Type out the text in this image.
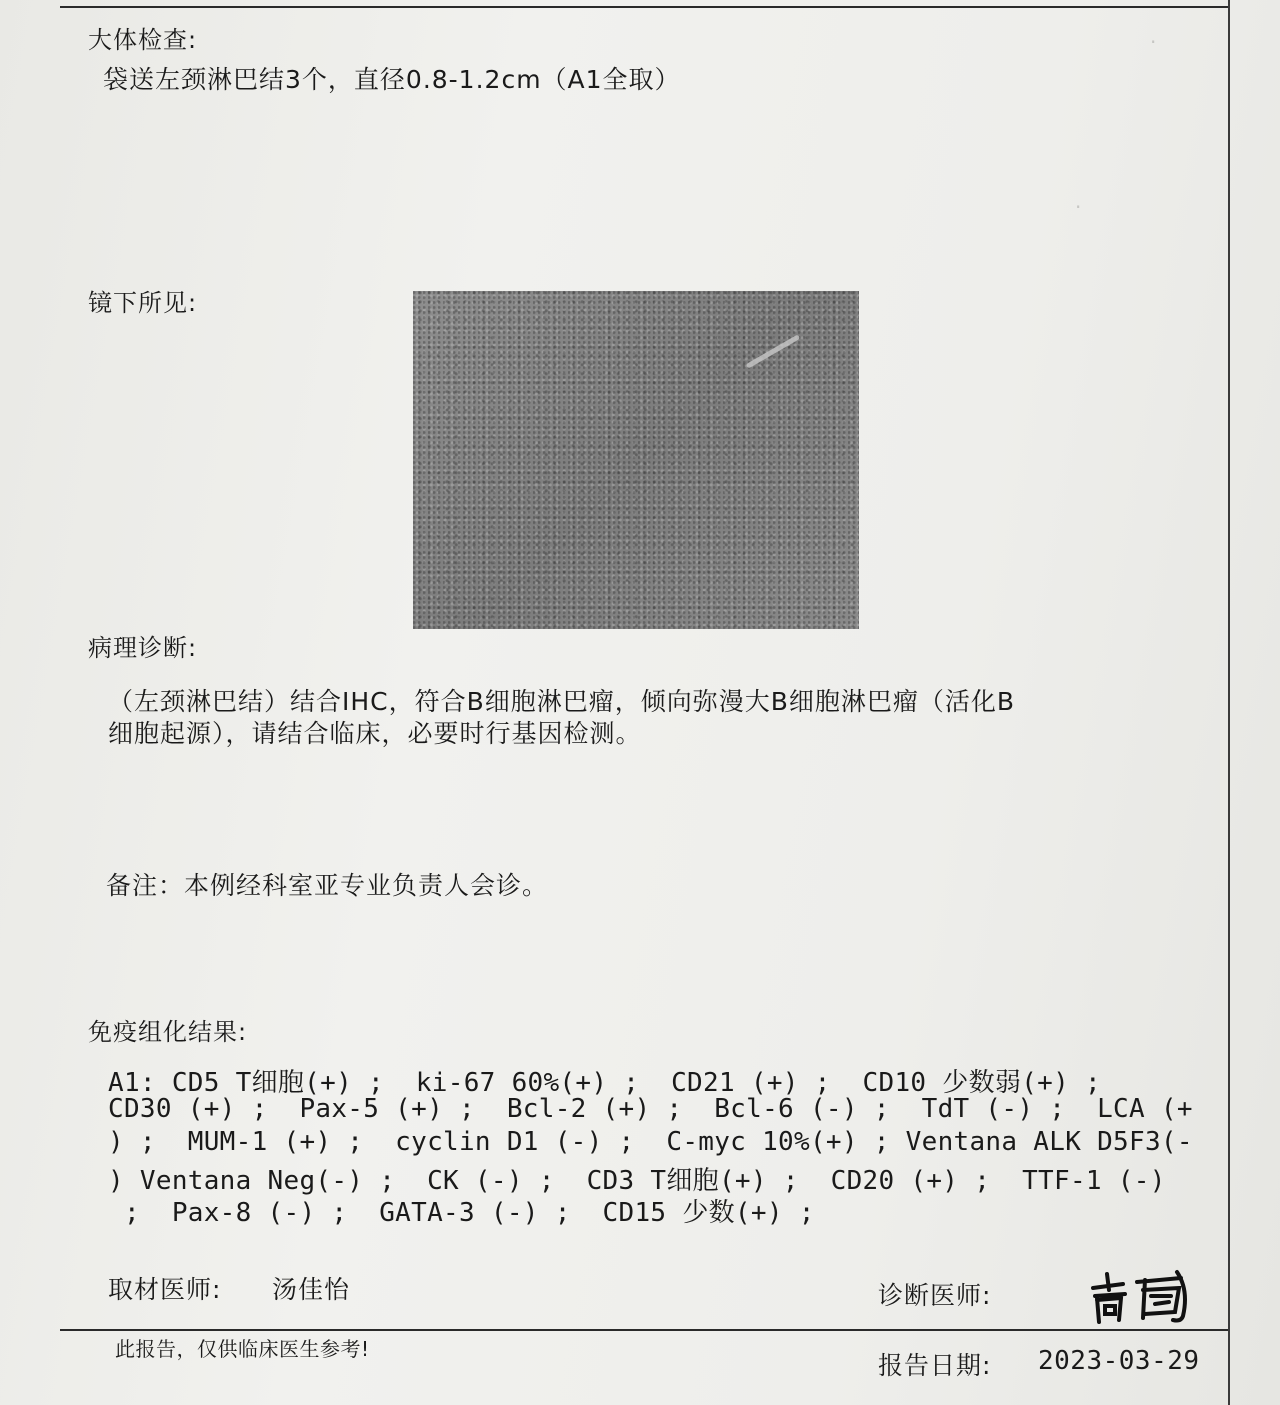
·
·
大体检查:
袋送左颈淋巴结3个，直径0.8-1.2cm（A1全取）
镜下所见:
病理诊断:
（左颈淋巴结）结合IHC，符合B细胞淋巴瘤，倾向弥漫大B细胞淋巴瘤（活化B
细胞起源），请结合临床，必要时行基因检测。
备注：本例经科室亚专业负责人会诊。
免疫组化结果:
A1: CD5 T细胞(+) ;  ki-67 60%(+) ;  CD21 (+) ;  CD10 少数弱(+) ;
CD30 (+) ;  Pax-5 (+) ;  Bcl-2 (+) ;  Bcl-6 (-) ;  TdT (-) ;  LCA (+
) ;  MUM-1 (+) ;  cyclin D1 (-) ;  C-myc 10%(+) ; Ventana ALK D5F3(-
) Ventana Neg(-) ;  CK (-) ;  CD3 T细胞(+) ;  CD20 (+) ;  TTF-1 (-)
;  Pax-8 (-) ;  GATA-3 (-) ;  CD15 少数(+) ;
取材医师: 汤佳怡	诊断医师:
此报告，仅供临床医生参考!
报告日期: 2023-03-29
